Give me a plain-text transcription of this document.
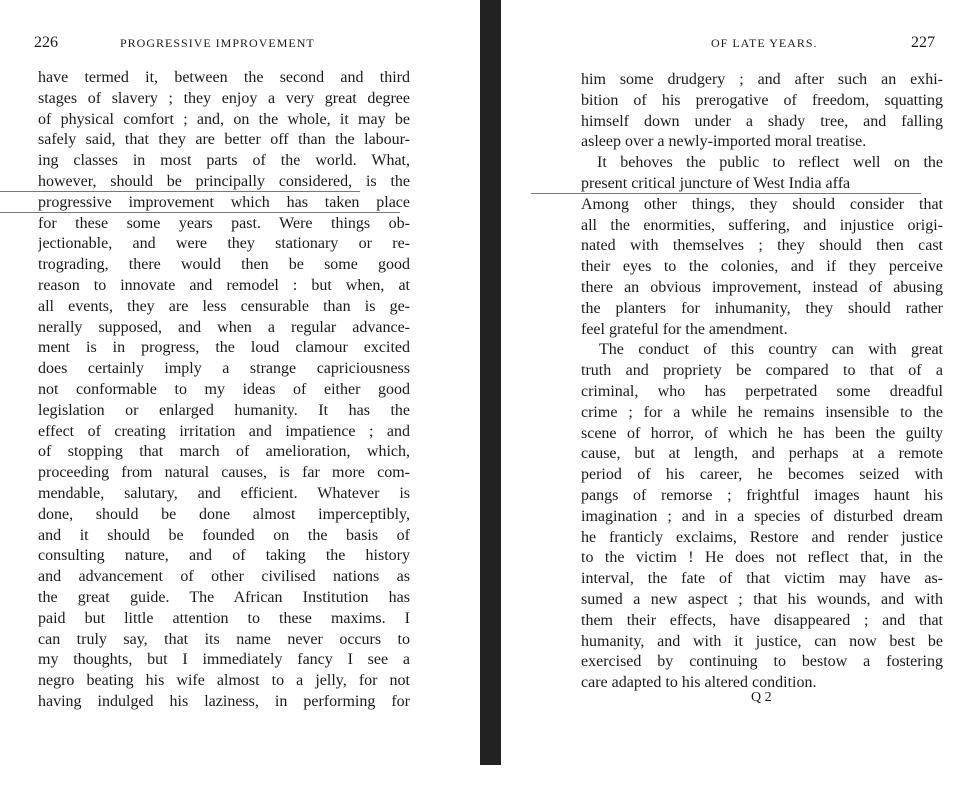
226	PROGRESSIVE IMPROVEMENT
have termed it, between the second and third
stages of slavery ; they enjoy a very great degree
of physical comfort ; and, on the whole, it may be
safely said, that they are better off than the labour-
ing classes in most parts of the world. What,
however, should be principally considered, is the
progressive improvement which has taken place
for these some years past. Were things ob-
jectionable, and were they stationary or re-
trograding, there would then be some good
reason to innovate and remodel : but when, at
all events, they are less censurable than is ge-
nerally supposed, and when a regular advance-
ment is in progress, the loud clamour excited
does certainly imply a strange capriciousness
not conformable to my ideas of either good
legislation or enlarged humanity. It has the
effect of creating irritation and impatience ; and
of stopping that march of amelioration, which,
proceeding from natural causes, is far more com-
mendable, salutary, and efficient. Whatever is
done, should be done almost imperceptibly,
and it should be founded on the basis of
consulting nature, and of taking the history
and advancement of other civilised nations as
the great guide. The African Institution has
paid but little attention to these maxims. I
can truly say, that its name never occurs to
my thoughts, but I immediately fancy I see a
negro beating his wife almost to a jelly, for not
having indulged his laziness, in performing for
OF LATE YEARS.	227
him some drudgery ; and after such an exhi-
bition of his prerogative of freedom, squatting
himself down under a shady tree, and falling
asleep over a newly-imported moral treatise.
It behoves the public to reflect well on the
present critical juncture of West India affa
Among other things, they should consider that
all the enormities, suffering, and injustice origi-
nated with themselves ; they should then cast
their eyes to the colonies, and if they perceive
there an obvious improvement, instead of abusing
the planters for inhumanity, they should rather
feel grateful for the amendment.
The conduct of this country can with great
truth and propriety be compared to that of a
criminal, who has perpetrated some dreadful
crime ; for a while he remains insensible to the
scene of horror, of which he has been the guilty
cause, but at length, and perhaps at a remote
period of his career, he becomes seized with
pangs of remorse ; frightful images haunt his
imagination ; and in a species of disturbed dream
he franticly exclaims, Restore and render justice
to the victim ! He does not reflect that, in the
interval, the fate of that victim may have as-
sumed a new aspect ; that his wounds, and with
them their effects, have disappeared ; and that
humanity, and with it justice, can now best be
exercised by continuing to bestow a fostering
care adapted to his altered condition.
Q 2
